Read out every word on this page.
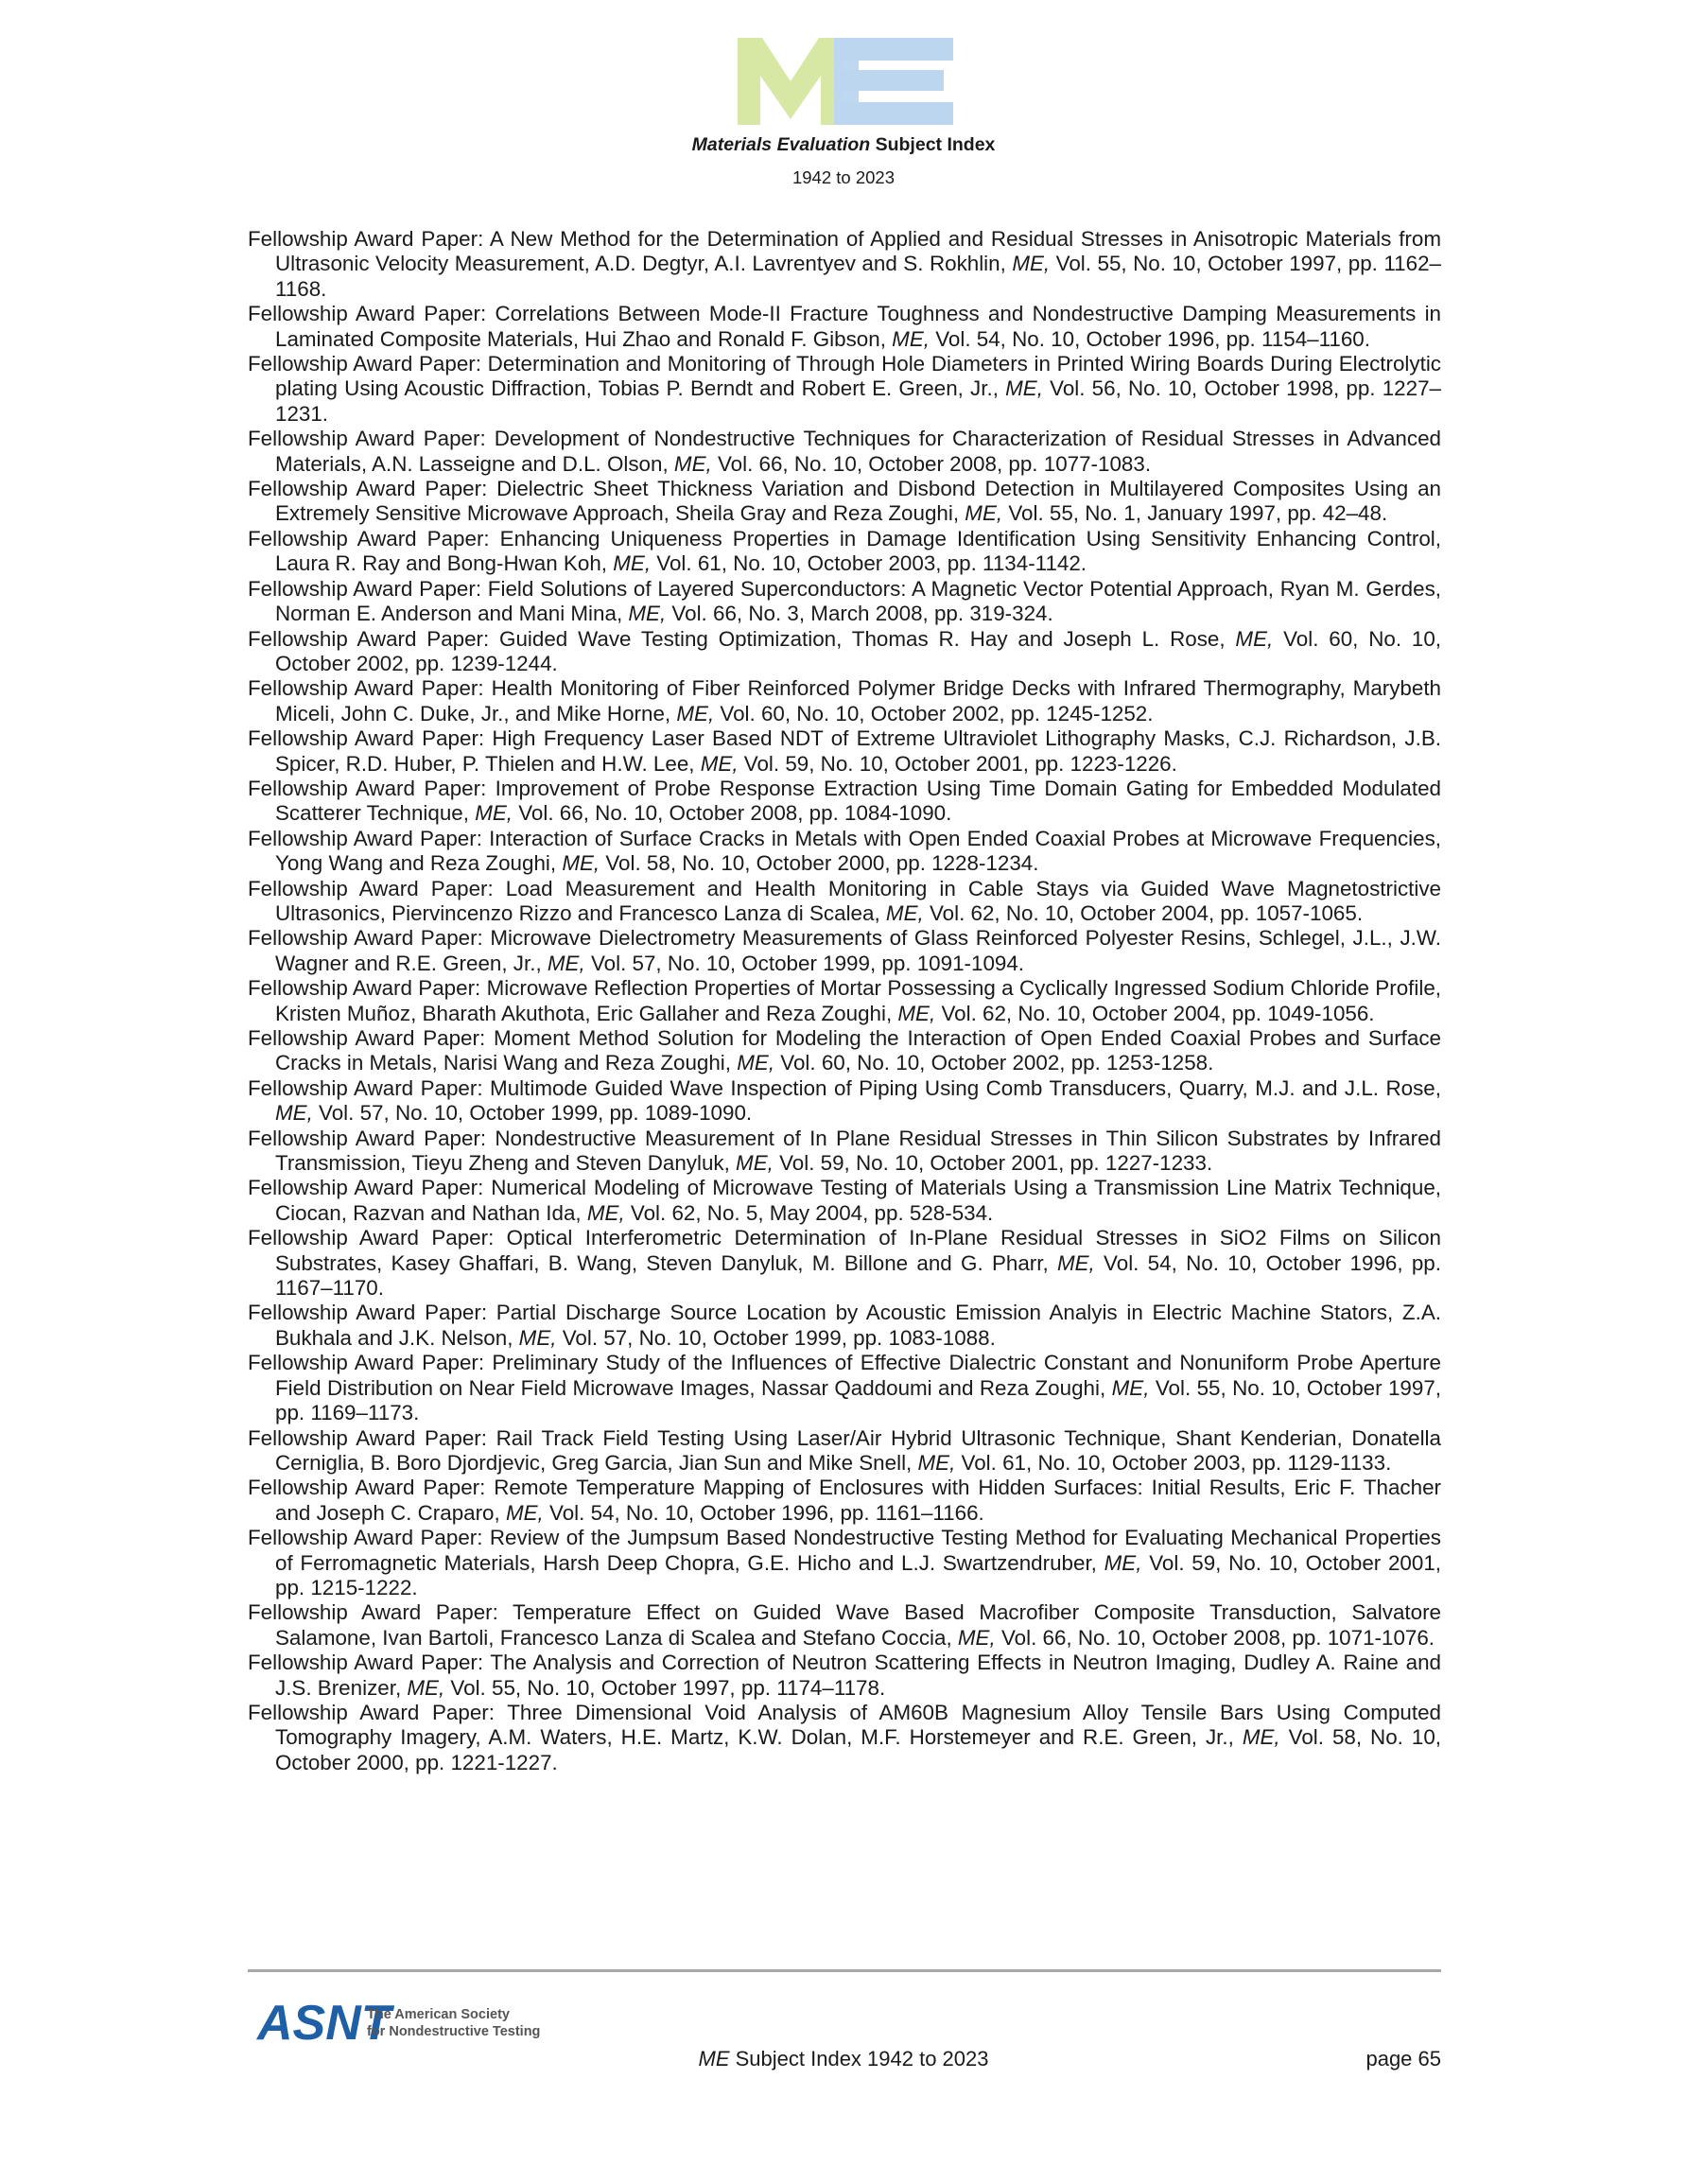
Materials Evaluation Subject Index
1942 to 2023
Fellowship Award Paper: A New Method for the Determination of Applied and Residual Stresses in Anisotropic Materials from Ultrasonic Velocity Measurement, A.D. Degtyr, A.I. Lavrentyev and S. Rokhlin, ME, Vol. 55, No. 10, October 1997, pp. 1162–1168.
Fellowship Award Paper: Correlations Between Mode-II Fracture Toughness and Nondestructive Damping Measurements in Laminated Composite Materials, Hui Zhao and Ronald F. Gibson, ME, Vol. 54, No. 10, October 1996, pp. 1154–1160.
Fellowship Award Paper: Determination and Monitoring of Through Hole Diameters in Printed Wiring Boards During Electrolytic plating Using Acoustic Diffraction, Tobias P. Berndt and Robert E. Green, Jr., ME, Vol. 56, No. 10, October 1998, pp. 1227–1231.
Fellowship Award Paper: Development of Nondestructive Techniques for Characterization of Residual Stresses in Advanced Materials, A.N. Lasseigne and D.L. Olson, ME, Vol. 66, No. 10, October 2008, pp. 1077-1083.
Fellowship Award Paper: Dielectric Sheet Thickness Variation and Disbond Detection in Multilayered Composites Using an Extremely Sensitive Microwave Approach, Sheila Gray and Reza Zoughi, ME, Vol. 55, No. 1, January 1997, pp. 42–48.
Fellowship Award Paper: Enhancing Uniqueness Properties in Damage Identification Using Sensitivity Enhancing Control, Laura R. Ray and Bong-Hwan Koh, ME, Vol. 61, No. 10, October 2003, pp. 1134-1142.
Fellowship Award Paper: Field Solutions of Layered Superconductors: A Magnetic Vector Potential Approach, Ryan M. Gerdes, Norman E. Anderson and Mani Mina, ME, Vol. 66, No. 3, March 2008, pp. 319-324.
Fellowship Award Paper: Guided Wave Testing Optimization, Thomas R. Hay and Joseph L. Rose, ME, Vol. 60, No. 10, October 2002, pp. 1239-1244.
Fellowship Award Paper: Health Monitoring of Fiber Reinforced Polymer Bridge Decks with Infrared Thermography, Marybeth Miceli, John C. Duke, Jr., and Mike Horne, ME, Vol. 60, No. 10, October 2002, pp. 1245-1252.
Fellowship Award Paper: High Frequency Laser Based NDT of Extreme Ultraviolet Lithography Masks, C.J. Richardson, J.B. Spicer, R.D. Huber, P. Thielen and H.W. Lee, ME, Vol. 59, No. 10, October 2001, pp. 1223-1226.
Fellowship Award Paper: Improvement of Probe Response Extraction Using Time Domain Gating for Embedded Modulated Scatterer Technique, ME, Vol. 66, No. 10, October 2008, pp. 1084-1090.
Fellowship Award Paper: Interaction of Surface Cracks in Metals with Open Ended Coaxial Probes at Microwave Frequencies, Yong Wang and Reza Zoughi, ME, Vol. 58, No. 10, October 2000, pp. 1228-1234.
Fellowship Award Paper: Load Measurement and Health Monitoring in Cable Stays via Guided Wave Magnetostrictive Ultrasonics, Piervincenzo Rizzo and Francesco Lanza di Scalea, ME, Vol. 62, No. 10, October 2004, pp. 1057-1065.
Fellowship Award Paper: Microwave Dielectrometry Measurements of Glass Reinforced Polyester Resins, Schlegel, J.L., J.W. Wagner and R.E. Green, Jr., ME, Vol. 57, No. 10, October 1999, pp. 1091-1094.
Fellowship Award Paper: Microwave Reflection Properties of Mortar Possessing a Cyclically Ingressed Sodium Chloride Profile, Kristen Muñoz, Bharath Akuthota, Eric Gallaher and Reza Zoughi, ME, Vol. 62, No. 10, October 2004, pp. 1049-1056.
Fellowship Award Paper: Moment Method Solution for Modeling the Interaction of Open Ended Coaxial Probes and Surface Cracks in Metals, Narisi Wang and Reza Zoughi, ME, Vol. 60, No. 10, October 2002, pp. 1253-1258.
Fellowship Award Paper: Multimode Guided Wave Inspection of Piping Using Comb Transducers, Quarry, M.J. and J.L. Rose, ME, Vol. 57, No. 10, October 1999, pp. 1089-1090.
Fellowship Award Paper: Nondestructive Measurement of In Plane Residual Stresses in Thin Silicon Substrates by Infrared Transmission, Tieyu Zheng and Steven Danyluk, ME, Vol. 59, No. 10, October 2001, pp. 1227-1233.
Fellowship Award Paper: Numerical Modeling of Microwave Testing of Materials Using a Transmission Line Matrix Technique, Ciocan, Razvan and Nathan Ida, ME, Vol. 62, No. 5, May 2004, pp. 528-534.
Fellowship Award Paper: Optical Interferometric Determination of In-Plane Residual Stresses in SiO2 Films on Silicon Substrates, Kasey Ghaffari, B. Wang, Steven Danyluk, M. Billone and G. Pharr, ME, Vol. 54, No. 10, October 1996, pp. 1167–1170.
Fellowship Award Paper: Partial Discharge Source Location by Acoustic Emission Analyis in Electric Machine Stators, Z.A. Bukhala and J.K. Nelson, ME, Vol. 57, No. 10, October 1999, pp. 1083-1088.
Fellowship Award Paper: Preliminary Study of the Influences of Effective Dialectric Constant and Nonuniform Probe Aperture Field Distribution on Near Field Microwave Images, Nassar Qaddoumi and Reza Zoughi, ME, Vol. 55, No. 10, October 1997, pp. 1169–1173.
Fellowship Award Paper: Rail Track Field Testing Using Laser/Air Hybrid Ultrasonic Technique, Shant Kenderian, Donatella Cerniglia, B. Boro Djordjevic, Greg Garcia, Jian Sun and Mike Snell, ME, Vol. 61, No. 10, October 2003, pp. 1129-1133.
Fellowship Award Paper: Remote Temperature Mapping of Enclosures with Hidden Surfaces: Initial Results, Eric F. Thacher and Joseph C. Craparo, ME, Vol. 54, No. 10, October 1996, pp. 1161–1166.
Fellowship Award Paper: Review of the Jumpsum Based Nondestructive Testing Method for Evaluating Mechanical Properties of Ferromagnetic Materials, Harsh Deep Chopra, G.E. Hicho and L.J. Swartzendruber, ME, Vol. 59, No. 10, October 2001, pp. 1215-1222.
Fellowship Award Paper: Temperature Effect on Guided Wave Based Macrofiber Composite Transduction, Salvatore Salamone, Ivan Bartoli, Francesco Lanza di Scalea and Stefano Coccia, ME, Vol. 66, No. 10, October 2008, pp. 1071-1076.
Fellowship Award Paper: The Analysis and Correction of Neutron Scattering Effects in Neutron Imaging, Dudley A. Raine and J.S. Brenizer, ME, Vol. 55, No. 10, October 1997, pp. 1174–1178.
Fellowship Award Paper: Three Dimensional Void Analysis of AM60B Magnesium Alloy Tensile Bars Using Computed Tomography Imagery, A.M. Waters, H.E. Martz, K.W. Dolan, M.F. Horstemeyer and R.E. Green, Jr., ME, Vol. 58, No. 10, October 2000, pp. 1221-1227.
ASNT
The American Society
for Nondestructive Testing
ME Subject Index 1942 to 2023	page 65
